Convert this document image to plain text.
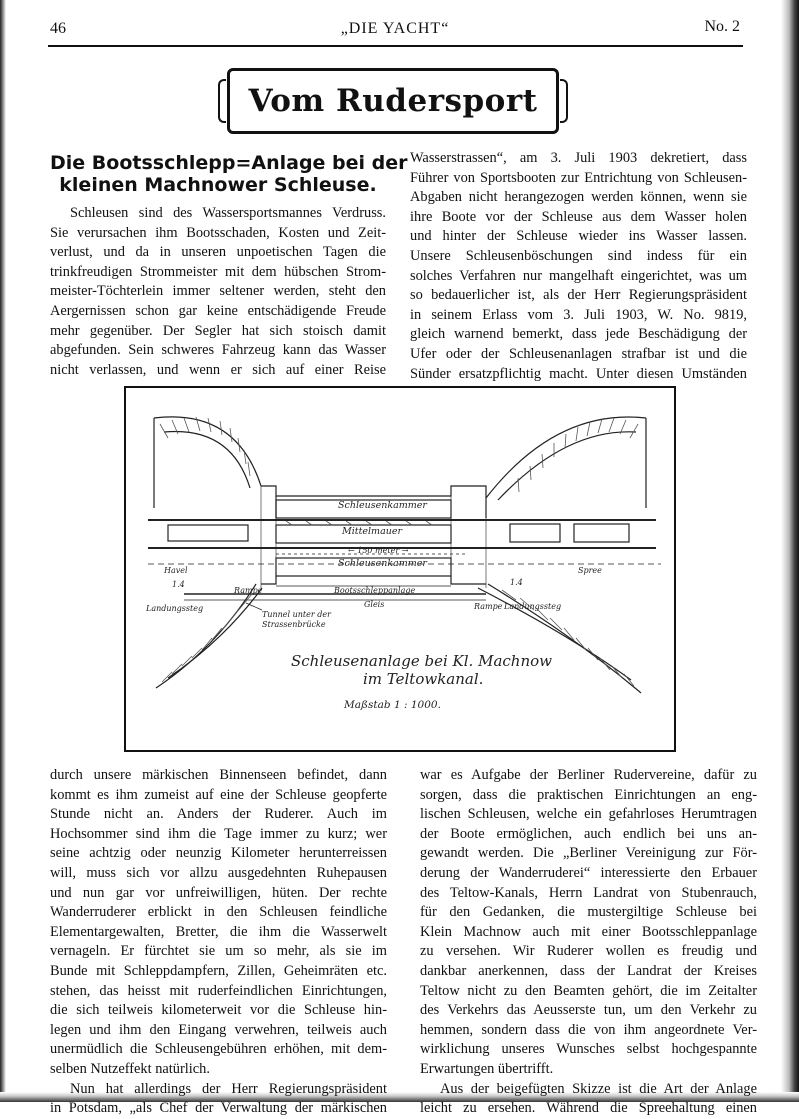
46	„DIE YACHT“	No. 2
Vom Rudersport
Die Bootsschlepp=Anlage bei der
kleinen Machnower Schleuse.
Schleusen sind des Wassersportsmannes Verdruss.
Sie verursachen ihm Bootsschaden, Kosten und Zeit-
verlust, und da in unseren unpoetischen Tagen die
trinkfreudigen Strommeister mit dem hübschen Strom-
meister-Töchterlein immer seltener werden, steht den
Aergernissen schon gar keine entschädigende Freude
mehr gegenüber. Der Segler hat sich stoisch damit
abgefunden. Sein schweres Fahrzeug kann das Wasser
nicht verlassen, und wenn er sich auf einer Reise
Wasserstrassen“, am 3. Juli 1903 dekretiert, dass
Führer von Sportsbooten zur Entrichtung von Schleusen-
Abgaben nicht herangezogen werden können, wenn sie
ihre Boote vor der Schleuse aus dem Wasser holen
und hinter der Schleuse wieder ins Wasser lassen.
Unsere Schleusenböschungen sind indess für ein
solches Verfahren nur mangelhaft eingerichtet, was um
so bedauerlicher ist, als der Herr Regierungspräsident
in seinem Erlass vom 3. Juli 1903, W. No. 9819,
gleich warnend bemerkt, dass jede Beschädigung der
Ufer oder der Schleusenanlagen strafbar ist und die
Sünder ersatzpflichtig macht. Unter diesen Umständen
Schleusenkammer
Mittelmauer
← 150 meter →
Schleusenkammer
Havel	Spree
1.4	1.4
Rampe	Bootsschleppanlage
Gleis	Rampe Landungssteg
Landungssteg
Tunnel unter der Strassenbrücke
Schleusenanlage bei Kl. Machnow
im Teltowkanal.
Maßstab 1 : 1000.
durch unsere märkischen Binnenseen befindet, dann
kommt es ihm zumeist auf eine der Schleuse geopferte
Stunde nicht an. Anders der Ruderer. Auch im
Hochsommer sind ihm die Tage immer zu kurz; wer
seine achtzig oder neunzig Kilometer herunterreissen
will, muss sich vor allzu ausgedehnten Ruhepausen
und nun gar vor unfreiwilligen, hüten. Der rechte
Wanderruderer erblickt in den Schleusen feindliche
Elementargewalten, Bretter, die ihm die Wasserwelt
vernageln. Er fürchtet sie um so mehr, als sie im
Bunde mit Schleppdampfern, Zillen, Geheimräten etc.
stehen, das heisst mit ruderfeindlichen Einrichtungen,
die sich teilweis kilometerweit vor die Schleuse hin-
legen und ihm den Eingang verwehren, teilweis auch
unermüdlich die Schleusengebühren erhöhen, mit dem-
selben Nutzeffekt natürlich.
Nun hat allerdings der Herr Regierungspräsident
in Potsdam, „als Chef der Verwaltung der märkischen
war es Aufgabe der Berliner Rudervereine, dafür zu
sorgen, dass die praktischen Einrichtungen an eng-
lischen Schleusen, welche ein gefahrloses Herumtragen
der Boote ermöglichen, auch endlich bei uns an-
gewandt werden. Die „Berliner Vereinigung zur För-
derung der Wanderruderei“ interessierte den Erbauer
des Teltow-Kanals, Herrn Landrat von Stubenrauch,
für den Gedanken, die mustergiltige Schleuse bei
Klein Machnow auch mit einer Bootsschleppanlage
zu versehen. Wir Ruderer wollen es freudig und
dankbar anerkennen, dass der Landrat der Kreises
Teltow nicht zu den Beamten gehört, die im Zeitalter
des Verkehrs das Aeusserste tun, um den Verkehr zu
hemmen, sondern dass die von ihm angeordnete Ver-
wirklichung unseres Wunsches selbst hochgespannte
Erwartungen übertrifft.
Aus der beigefügten Skizze ist die Art der Anlage
leicht zu ersehen. Während die Spreehaltung einen
